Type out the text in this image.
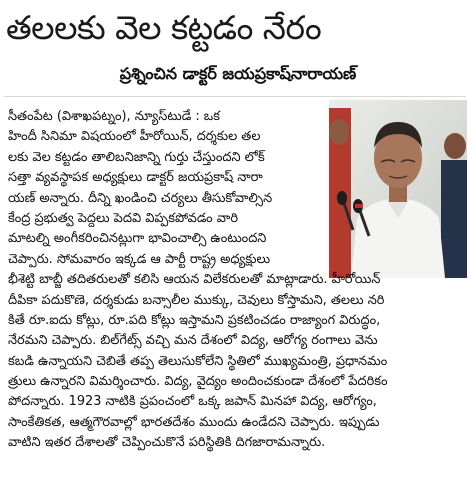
తలలకు వెల కట్టడం నేరం
ప్రశ్నించిన డాక్టర్ జయప్రకాష్‌నారాయణ్
సీతంపేట (విశాఖపట్నం), న్యూస్‌టుడే : ఒక
హిందీ సినిమా విషయంలో హీరోయిన్, దర్శకుల తల
లకు వెల కట్టడం తాలిబనిజాన్ని గుర్తు చేస్తుందని లోక్
సత్తా వ్యవస్థాపక అధ్యక్షులు డాక్టర్ జయప్రకాష్ నారా
యణ్ అన్నారు. దీన్ని ఖండించి చర్యలు తీసుకోవాల్సిన
కేంద్ర ప్రభుత్వ పెద్దలు పెదవి విప్పకపోవడం వారి
మాటల్ని అంగీకరించినట్లుగా భావించాల్సి ఉంటుందని
చెప్పారు. సోమవారం ఇక్కడ ఆ పార్టీ రాష్ట్ర అధ్యక్షులు
భీశెట్టి బాబ్జీ తదితరులతో కలిసి ఆయన విలేకరులతో మాట్లాడారు. హీరోయిన్
దీపికా పదుకొణె, దర్శకుడు బన్సాలీల ముక్కు, చెవులు కోస్తామని, తలలు నరి
కితే రూ.ఐదు కోట్లు, రూ.పది కోట్లు ఇస్తామని ప్రకటించడం రాజ్యాంగ విరుద్ధం,
నేరమని చెప్పారు. బిల్‌గేట్స్ వచ్చి మన దేశంలో విద్య, ఆరోగ్య రంగాలు వెను
కబడి ఉన్నాయని చెబితే తప్ప తెలుసుకోలేని స్థితిలో ముఖ్యమంత్రి, ప్రధానమం
త్రులు ఉన్నారని విమర్శించారు. విద్య, వైద్యం అందించకుండా దేశంలో పేదరికం
పోదన్నారు. 1923 నాటికి ప్రపంచంలో ఒక్క జపాన్ మినహా విద్య, ఆరోగ్యం,
సాంకేతికత, ఆత్మగౌరవాల్లో భారతదేశం ముందు ఉండేదని చెప్పారు. ఇప్పుడు
వాటిని ఇతర దేశాలతో చెప్పించుకొనే పరిస్థితికి దిగజారామన్నారు.
